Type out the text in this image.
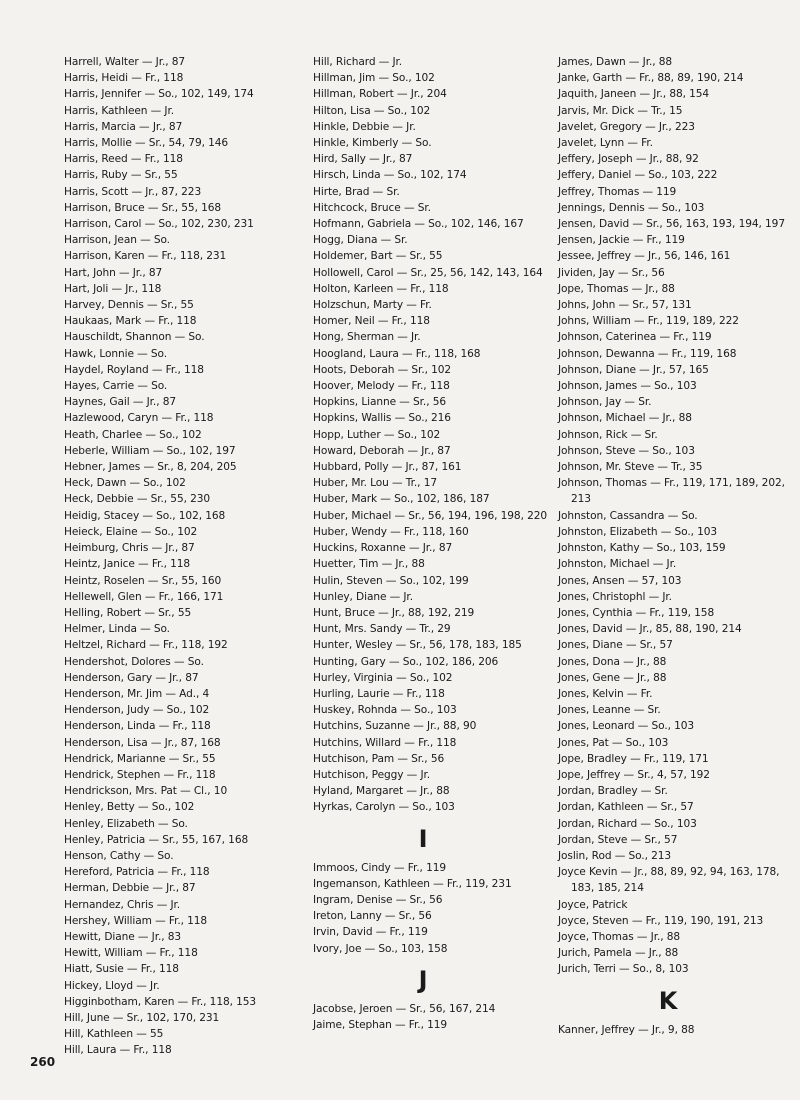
Harrell, Walter — Jr., 87
Harris, Heidi — Fr., 118
Harris, Jennifer — So., 102, 149, 174
Harris, Kathleen — Jr.
Harris, Marcia — Jr., 87
Harris, Mollie — Sr., 54, 79, 146
Harris, Reed — Fr., 118
Harris, Ruby — Sr., 55
Harris, Scott — Jr., 87, 223
Harrison, Bruce — Sr., 55, 168
Harrison, Carol — So., 102, 230, 231
Harrison, Jean — So.
Harrison, Karen — Fr., 118, 231
Hart, John — Jr., 87
Hart, Joli — Jr., 118
Harvey, Dennis — Sr., 55
Haukaas, Mark — Fr., 118
Hauschildt, Shannon — So.
Hawk, Lonnie — So.
Haydel, Royland — Fr., 118
Hayes, Carrie — So.
Haynes, Gail — Jr., 87
Hazlewood, Caryn — Fr., 118
Heath, Charlee — So., 102
Heberle, William — So., 102, 197
Hebner, James — Sr., 8, 204, 205
Heck, Dawn — So., 102
Heck, Debbie — Sr., 55, 230
Heidig, Stacey — So., 102, 168
Heieck, Elaine — So., 102
Heimburg, Chris — Jr., 87
Heintz, Janice — Fr., 118
Heintz, Roselen — Sr., 55, 160
Hellewell, Glen — Fr., 166, 171
Helling, Robert — Sr., 55
Helmer, Linda — So.
Heltzel, Richard — Fr., 118, 192
Hendershot, Dolores — So.
Henderson, Gary — Jr., 87
Henderson, Mr. Jim — Ad., 4
Henderson, Judy — So., 102
Henderson, Linda — Fr., 118
Henderson, Lisa — Jr., 87, 168
Hendrick, Marianne — Sr., 55
Hendrick, Stephen — Fr., 118
Hendrickson, Mrs. Pat — Cl., 10
Henley, Betty — So., 102
Henley, Elizabeth — So.
Henley, Patricia — Sr., 55, 167, 168
Henson, Cathy — So.
Hereford, Patricia — Fr., 118
Herman, Debbie — Jr., 87
Hernandez, Chris — Jr.
Hershey, William — Fr., 118
Hewitt, Diane — Jr., 83
Hewitt, William — Fr., 118
Hiatt, Susie — Fr., 118
Hickey, Lloyd — Jr.
Higginbotham, Karen — Fr., 118, 153
Hill, June — Sr., 102, 170, 231
Hill, Kathleen — 55
Hill, Laura — Fr., 118
Hill, Richard — Jr.
Hillman, Jim — So., 102
Hillman, Robert — Jr., 204
Hilton, Lisa — So., 102
Hinkle, Debbie — Jr.
Hinkle, Kimberly — So.
Hird, Sally — Jr., 87
Hirsch, Linda — So., 102, 174
Hirte, Brad — Sr.
Hitchcock, Bruce — Sr.
Hofmann, Gabriela — So., 102, 146, 167
Hogg, Diana — Sr.
Holdemer, Bart — Sr., 55
Hollowell, Carol — Sr., 25, 56, 142, 143, 164
Holton, Karleen — Fr., 118
Holzschun, Marty — Fr.
Homer, Neil — Fr., 118
Hong, Sherman — Jr.
Hoogland, Laura — Fr., 118, 168
Hoots, Deborah — Sr., 102
Hoover, Melody — Fr., 118
Hopkins, Lianne — Sr., 56
Hopkins, Wallis — So., 216
Hopp, Luther — So., 102
Howard, Deborah — Jr., 87
Hubbard, Polly — Jr., 87, 161
Huber, Mr. Lou — Tr., 17
Huber, Mark — So., 102, 186, 187
Huber, Michael — Sr., 56, 194, 196, 198, 220
Huber, Wendy — Fr., 118, 160
Huckins, Roxanne — Jr., 87
Huetter, Tim — Jr., 88
Hulin, Steven — So., 102, 199
Hunley, Diane — Jr.
Hunt, Bruce — Jr., 88, 192, 219
Hunt, Mrs. Sandy — Tr., 29
Hunter, Wesley — Sr., 56, 178, 183, 185
Hunting, Gary — So., 102, 186, 206
Hurley, Virginia — So., 102
Hurling, Laurie — Fr., 118
Huskey, Rohnda — So., 103
Hutchins, Suzanne — Jr., 88, 90
Hutchins, Willard — Fr., 118
Hutchison, Pam — Sr., 56
Hutchison, Peggy — Jr.
Hyland, Margaret — Jr., 88
Hyrkas, Carolyn — So., 103
I
Immoos, Cindy — Fr., 119
Ingemanson, Kathleen — Fr., 119, 231
Ingram, Denise — Sr., 56
Ireton, Lanny — Sr., 56
Irvin, David — Fr., 119
Ivory, Joe — So., 103, 158
J
Jacobse, Jeroen — Sr., 56, 167, 214
Jaime, Stephan — Fr., 119
James, Dawn — Jr., 88
Janke, Garth — Fr., 88, 89, 190, 214
Jaquith, Janeen — Jr., 88, 154
Jarvis, Mr. Dick — Tr., 15
Javelet, Gregory — Jr., 223
Javelet, Lynn — Fr.
Jeffery, Joseph — Jr., 88, 92
Jeffery, Daniel — So., 103, 222
Jeffrey, Thomas — 119
Jennings, Dennis — So., 103
Jensen, David — Sr., 56, 163, 193, 194, 197
Jensen, Jackie — Fr., 119
Jessee, Jeffrey — Jr., 56, 146, 161
Jividen, Jay — Sr., 56
Jope, Thomas — Jr., 88
Johns, John — Sr., 57, 131
Johns, William — Fr., 119, 189, 222
Johnson, Caterinea — Fr., 119
Johnson, Dewanna — Fr., 119, 168
Johnson, Diane — Jr., 57, 165
Johnson, James — So., 103
Johnson, Jay — Sr.
Johnson, Michael — Jr., 88
Johnson, Rick — Sr.
Johnson, Steve — So., 103
Johnson, Mr. Steve — Tr., 35
Johnson, Thomas — Fr., 119, 171, 189, 202, 213
Johnston, Cassandra — So.
Johnston, Elizabeth — So., 103
Johnston, Kathy — So., 103, 159
Johnston, Michael — Jr.
Jones, Ansen — 57, 103
Jones, Christophl — Jr.
Jones, Cynthia — Fr., 119, 158
Jones, David — Jr., 85, 88, 190, 214
Jones, Diane — Sr., 57
Jones, Dona — Jr., 88
Jones, Gene — Jr., 88
Jones, Kelvin — Fr.
Jones, Leanne — Sr.
Jones, Leonard — So., 103
Jones, Pat — So., 103
Jope, Bradley — Fr., 119, 171
Jope, Jeffrey — Sr., 4, 57, 192
Jordan, Bradley — Sr.
Jordan, Kathleen — Sr., 57
Jordan, Richard — So., 103
Jordan, Steve — Sr., 57
Joslin, Rod — So., 213
Joyce Kevin — Jr., 88, 89, 92, 94, 163, 178, 183, 185, 214
Joyce, Patrick
Joyce, Steven — Fr., 119, 190, 191, 213
Joyce, Thomas — Jr., 88
Jurich, Pamela — Jr., 88
Jurich, Terri — So., 8, 103
K
Kanner, Jeffrey — Jr., 9, 88
260
